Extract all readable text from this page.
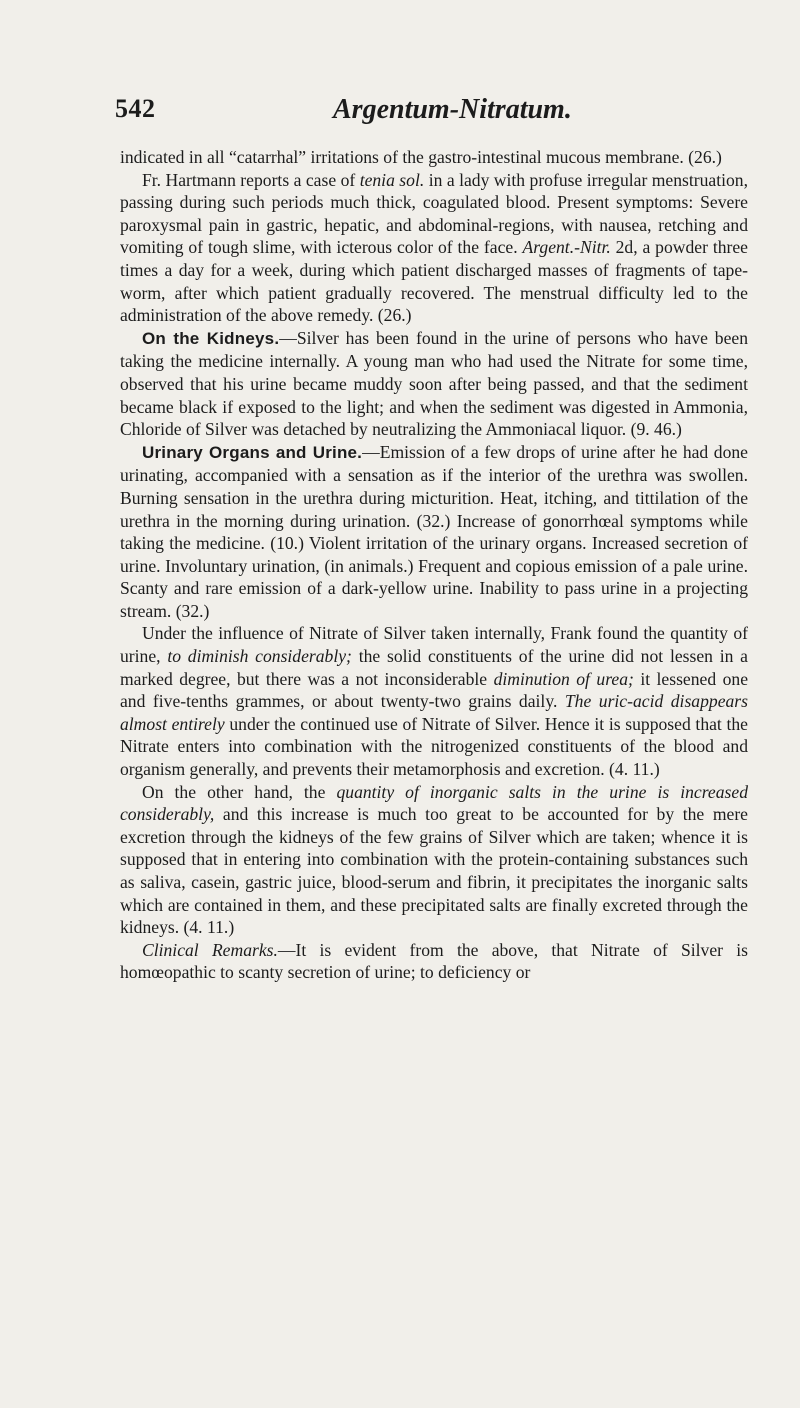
542	Argentum-Nitratum.

indicated in all “catarrhal” irritations of the gastro-intestinal mucous membrane. (26.)

Fr. Hartmann reports a case of tenia sol. in a lady with profuse irregular menstruation, passing during such periods much thick, coagulated blood. Present symptoms: Severe paroxysmal pain in gastric, hepatic, and abdominal-regions, with nausea, retching and vomiting of tough slime, with icterous color of the face. Argent.-Nitr. 2d, a powder three times a day for a week, during which patient discharged masses of fragments of tape-worm, after which patient gradually recovered. The menstrual difficulty led to the administration of the above remedy. (26.)

On the Kidneys.—Silver has been found in the urine of persons who have been taking the medicine internally. A young man who had used the Nitrate for some time, observed that his urine became muddy soon after being passed, and that the sediment became black if exposed to the light; and when the sediment was digested in Ammonia, Chloride of Silver was detached by neutralizing the Ammoniacal liquor. (9. 46.)

Urinary Organs and Urine.—Emission of a few drops of urine after he had done urinating, accompanied with a sensation as if the interior of the urethra was swollen. Burning sensation in the urethra during micturition. Heat, itching, and tittilation of the urethra in the morning during urination. (32.) Increase of gonorrhœal symptoms while taking the medicine. (10.) Violent irritation of the urinary organs. Increased secretion of urine. Involuntary urination, (in animals.) Frequent and copious emission of a pale urine. Scanty and rare emission of a dark-yellow urine. Inability to pass urine in a projecting stream. (32.)

Under the influence of Nitrate of Silver taken internally, Frank found the quantity of urine, to diminish considerably; the solid constituents of the urine did not lessen in a marked degree, but there was a not inconsiderable diminution of urea; it lessened one and five-tenths grammes, or about twenty-two grains daily. The uric-acid disappears almost entirely under the continued use of Nitrate of Silver. Hence it is supposed that the Nitrate enters into combination with the nitrogenized constituents of the blood and organism generally, and prevents their metamorphosis and excretion. (4. 11.)

On the other hand, the quantity of inorganic salts in the urine is increased considerably, and this increase is much too great to be accounted for by the mere excretion through the kidneys of the few grains of Silver which are taken; whence it is supposed that in entering into combination with the protein-containing substances such as saliva, casein, gastric juice, blood-serum and fibrin, it precipitates the inorganic salts which are contained in them, and these precipitated salts are finally excreted through the kidneys. (4. 11.)

Clinical Remarks.—It is evident from the above, that Nitrate of Silver is homœopathic to scanty secretion of urine; to deficiency or
